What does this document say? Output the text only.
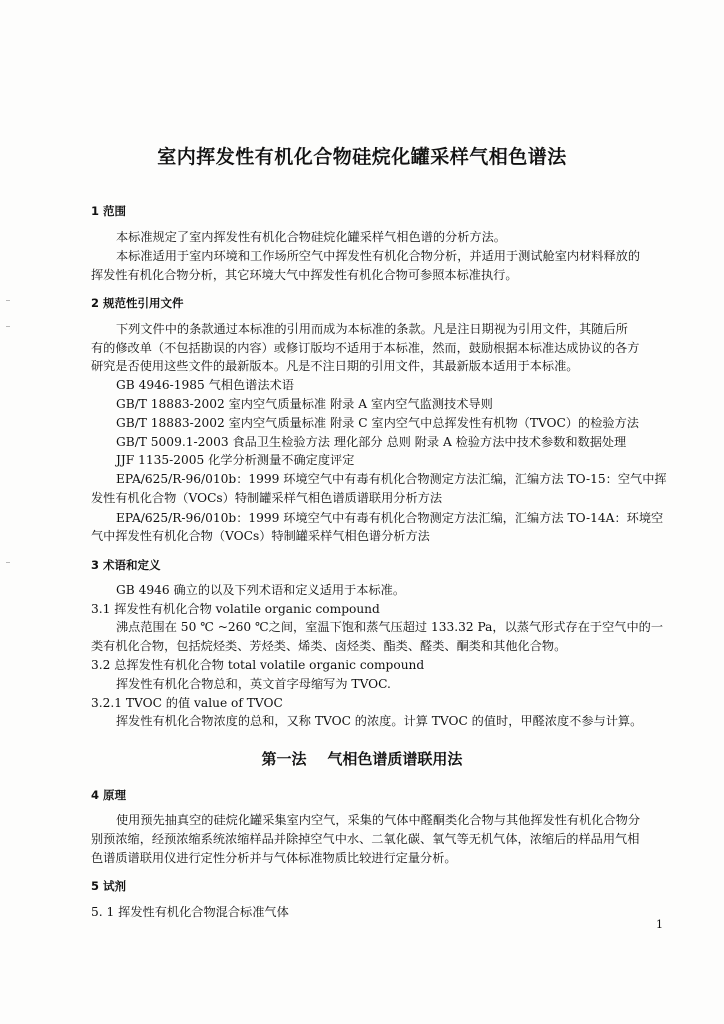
室内挥发性有机化合物硅烷化罐采样气相色谱法

1 范围

本标准规定了室内挥发性有机化合物硅烷化罐采样气相色谱的分析方法。

本标准适用于室内环境和工作场所空气中挥发性有机化合物分析，并适用于测试舱室内材料释放的

挥发性有机化合物分析，其它环境大气中挥发性有机化合物可参照本标准执行。

2 规范性引用文件

下列文件中的条款通过本标准的引用而成为本标准的条款。凡是注日期视为引用文件，其随后所

有的修改单（不包括勘误的内容）或修订版均不适用于本标准，然而，鼓励根据本标准达成协议的各方

研究是否使用这些文件的最新版本。凡是不注日期的引用文件，其最新版本适用于本标准。

GB 4946-1985 气相色谱法术语

GB/T 18883-2002 室内空气质量标准 附录 A 室内空气监测技术导则

GB/T 18883-2002 室内空气质量标准 附录 C 室内空气中总挥发性有机物（TVOC）的检验方法

GB/T 5009.1-2003 食品卫生检验方法 理化部分 总则 附录 A 检验方法中技术参数和数据处理

JJF 1135-2005 化学分析测量不确定度评定

EPA/625/R-96/010b：1999 环境空气中有毒有机化合物测定方法汇编，汇编方法 TO-15：空气中挥

发性有机化合物（VOCs）特制罐采样气相色谱质谱联用分析方法

EPA/625/R-96/010b：1999 环境空气中有毒有机化合物测定方法汇编，汇编方法 TO-14A：环境空

气中挥发性有机化合物（VOCs）特制罐采样气相色谱分析方法

3 术语和定义

GB 4946 确立的以及下列术语和定义适用于本标准。

3.1 挥发性有机化合物 volatile organic compound

沸点范围在 50 ℃ ~260 ℃之间，室温下饱和蒸气压超过 133.32 Pa，以蒸气形式存在于空气中的一

类有机化合物，包括烷烃类、芳烃类、烯类、卤烃类、酯类、醛类、酮类和其他化合物。

3.2 总挥发性有机化合物 total volatile organic compound

挥发性有机化合物总和，英文首字母缩写为 TVOC.

3.2.1 TVOC 的值 value of TVOC

挥发性有机化合物浓度的总和，又称 TVOC 的浓度。计算 TVOC 的值时，甲醛浓度不参与计算。

第一法    气相色谱质谱联用法

4 原理

使用预先抽真空的硅烷化罐采集室内空气，采集的气体中醛酮类化合物与其他挥发性有机化合物分

别预浓缩，经预浓缩系统浓缩样品并除掉空气中水、二氧化碳、氧气等无机气体，浓缩后的样品用气相

色谱质谱联用仪进行定性分析并与气体标准物质比较进行定量分析。

5 试剂

5. 1 挥发性有机化合物混合标准气体

1
